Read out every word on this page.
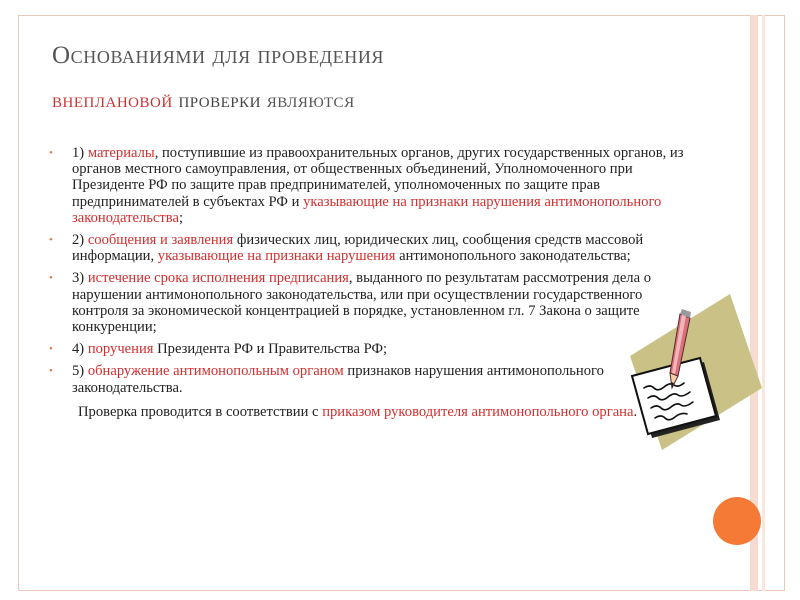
Основаниями для проведения
внеплановой проверки являются
• 1) материалы, поступившие из правоохранительных органов, других государственных органов, из органов местного самоуправления, от общественных объединений, Уполномоченного при Президенте РФ по защите прав предпринимателей, уполномоченных по защите прав предпринимателей в субъектах РФ и указывающие на признаки нарушения антимонопольного законодательства;
• 2) сообщения и заявления физических лиц, юридических лиц, сообщения средств массовой информации, указывающие на признаки нарушения антимонопольного законодательства;
• 3) истечение срока исполнения предписания, выданного по результатам рассмотрения дела о нарушении антимонопольного законодательства, или при осуществлении государственного контроля за экономической концентрацией в порядке, установленном гл. 7 Закона о защите конкуренции;
• 4) поручения Президента РФ и Правительства РФ;
• 5) обнаружение антимонопольным органом признаков нарушения антимонопольного законодательства.
Проверка проводится в соответствии с приказом руководителя антимонопольного органа.
